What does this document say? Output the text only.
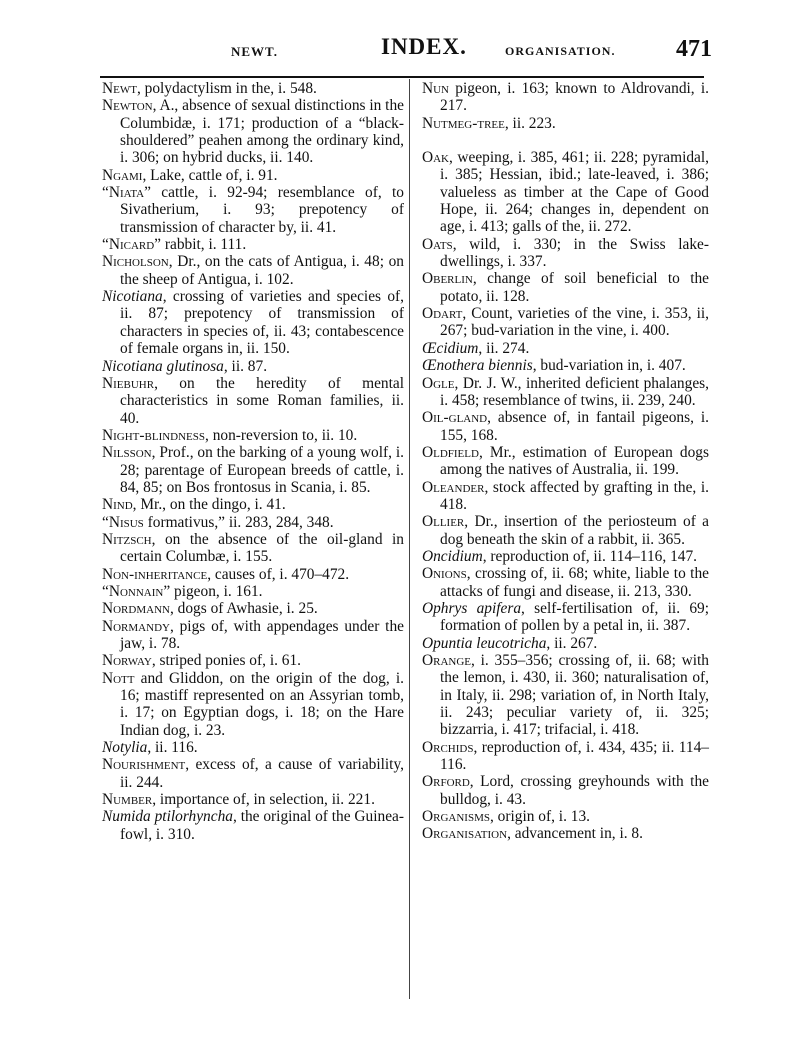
NEWT.	INDEX.	ORGANISATION.	471

Newt, polydactylism in the, i. 548.

Newton, A., absence of sexual distinctions in the Columbidæ, i. 171; production of a “black-shouldered” peahen among the ordinary kind, i. 306; on hybrid ducks, ii. 140.

Ngami, Lake, cattle of, i. 91.

“Niata” cattle, i. 92-94; resemblance of, to Sivatherium, i. 93; prepotency of transmission of character by, ii. 41.

“Nicard” rabbit, i. 111.

Nicholson, Dr., on the cats of Antigua, i. 48; on the sheep of Antigua, i. 102.

Nicotiana, crossing of varieties and species of, ii. 87; prepotency of transmission of characters in species of, ii. 43; contabescence of female organs in, ii. 150.

Nicotiana glutinosa, ii. 87.

Niebuhr, on the heredity of mental characteristics in some Roman families, ii. 40.

Night-blindness, non-reversion to, ii. 10.

Nilsson, Prof., on the barking of a young wolf, i. 28; parentage of European breeds of cattle, i. 84, 85; on Bos frontosus in Scania, i. 85.

Nind, Mr., on the dingo, i. 41.

“Nisus formativus,” ii. 283, 284, 348.

Nitzsch, on the absence of the oil-gland in certain Columbæ, i. 155.

Non-inheritance, causes of, i. 470–472.

“Nonnain” pigeon, i. 161.

Nordmann, dogs of Awhasie, i. 25.

Normandy, pigs of, with appendages under the jaw, i. 78.

Norway, striped ponies of, i. 61.

Nott and Gliddon, on the origin of the dog, i. 16; mastiff represented on an Assyrian tomb, i. 17; on Egyptian dogs, i. 18; on the Hare Indian dog, i. 23.

Notylia, ii. 116.

Nourishment, excess of, a cause of variability, ii. 244.

Number, importance of, in selection, ii. 221.

Numida ptilorhyncha, the original of the Guinea-fowl, i. 310.

Nun pigeon, i. 163; known to Aldrovandi, i. 217.

Nutmeg-tree, ii. 223.

Oak, weeping, i. 385, 461; ii. 228; pyramidal, i. 385; Hessian, ibid.; late-leaved, i. 386; valueless as timber at the Cape of Good Hope, ii. 264; changes in, dependent on age, i. 413; galls of the, ii. 272.

Oats, wild, i. 330; in the Swiss lake-dwellings, i. 337.

Oberlin, change of soil beneficial to the potato, ii. 128.

Odart, Count, varieties of the vine, i. 353, ii, 267; bud-variation in the vine, i. 400.

Œcidium, ii. 274.

Œnothera biennis, bud-variation in, i. 407.

Ogle, Dr. J. W., inherited deficient phalanges, i. 458; resemblance of twins, ii. 239, 240.

Oil-gland, absence of, in fantail pigeons, i. 155, 168.

Oldfield, Mr., estimation of European dogs among the natives of Australia, ii. 199.

Oleander, stock affected by grafting in the, i. 418.

Ollier, Dr., insertion of the periosteum of a dog beneath the skin of a rabbit, ii. 365.

Oncidium, reproduction of, ii. 114–116, 147.

Onions, crossing of, ii. 68; white, liable to the attacks of fungi and disease, ii. 213, 330.

Ophrys apifera, self-fertilisation of, ii. 69; formation of pollen by a petal in, ii. 387.

Opuntia leucotricha, ii. 267.

Orange, i. 355–356; crossing of, ii. 68; with the lemon, i. 430, ii. 360; naturalisation of, in Italy, ii. 298; variation of, in North Italy, ii. 243; peculiar variety of, ii. 325; bizzarria, i. 417; trifacial, i. 418.

Orchids, reproduction of, i. 434, 435; ii. 114–116.

Orford, Lord, crossing greyhounds with the bulldog, i. 43.

Organisms, origin of, i. 13.

Organisation, advancement in, i. 8.
